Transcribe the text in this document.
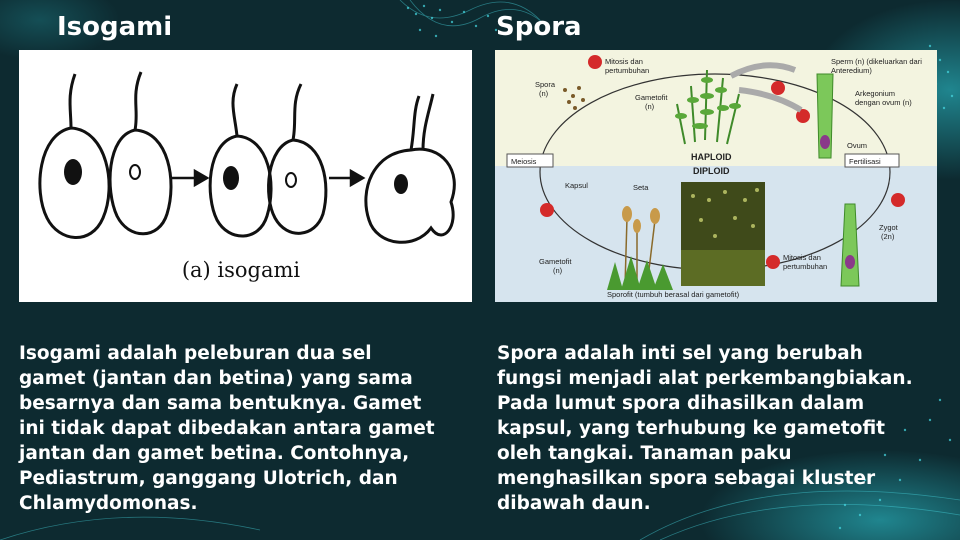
Isogami	Spora
(a) isogami
Spora
(n)
Mitosis dan
pertumbuhan
Gametofit
(n)
Sperm (n) (dikeluarkan dari
Anteredium)
Arkegonium
dengan ovum (n)
Ovum
Meiosis	Fertilisasi
Kapsul	Seta
Zygot
(2n)
Gametofit
(n)
Mitosis dan
pertumbuhan
Sporofit (tumbuh berasal dari gametofit)
HAPLOID
DIPLOID
Isogami adalah peleburan dua sel
gamet (jantan dan betina) yang sama
besarnya dan sama bentuknya. Gamet
ini tidak dapat dibedakan antara gamet
jantan dan gamet betina. Contohnya,
Pediastrum, ganggang Ulotrich, dan
Chlamydomonas.
Spora adalah inti sel yang berubah
fungsi menjadi alat perkembangbiakan.
Pada lumut spora dihasilkan dalam
kapsul, yang terhubung ke gametofit
oleh tangkai. Tanaman paku
menghasilkan spora sebagai kluster
dibawah daun.
